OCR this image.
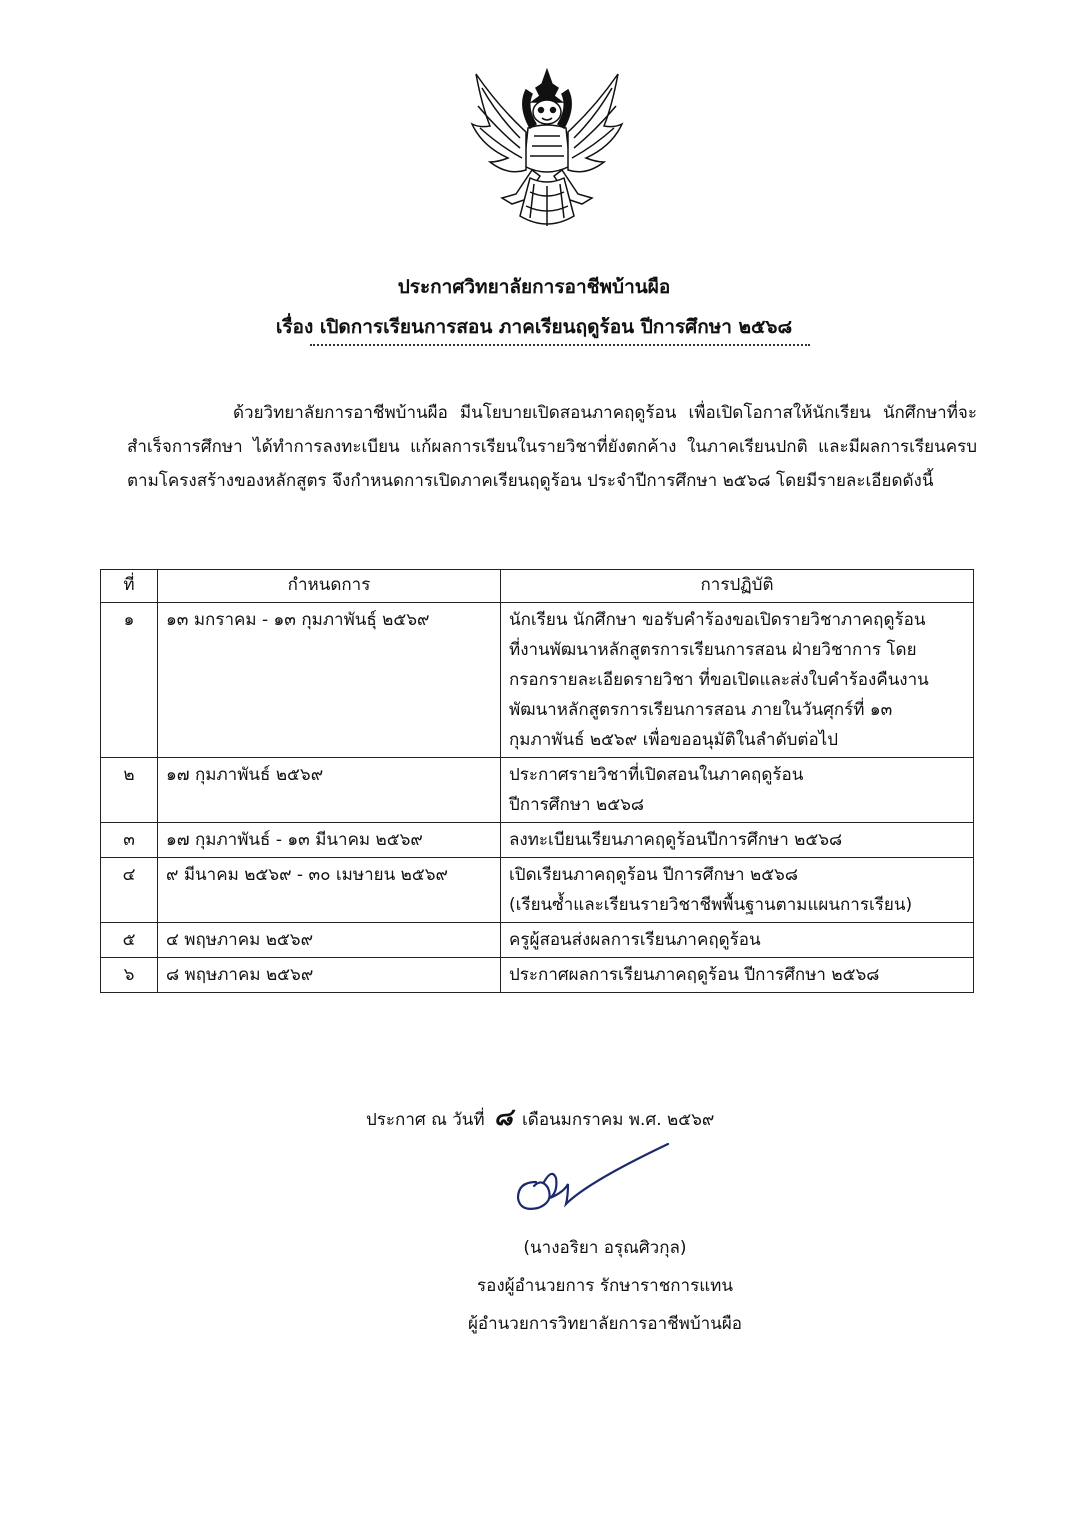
ประกาศวิทยาลัยการอาชีพบ้านผือ
เรื่อง เปิดการเรียนการสอน ภาคเรียนฤดูร้อน ปีการศึกษา ๒๕๖๘

ด้วยวิทยาลัยการอาชีพบ้านผือ มีนโยบายเปิดสอนภาคฤดูร้อน เพื่อเปิดโอกาสให้นักเรียน นักศึกษาที่จะสำเร็จการศึกษา ได้ทำการลงทะเบียน แก้ผลการเรียนในรายวิชาที่ยังตกค้าง ในภาคเรียนปกติ และมีผลการเรียนครบตามโครงสร้างของหลักสูตร จึงกำหนดการเปิดภาคเรียนฤดูร้อน ประจำปีการศึกษา ๒๕๖๘ โดยมีรายละเอียดดังนี้

ที่	กำหนดการ	การปฏิบัติ
๑	๑๓ มกราคม - ๑๓ กุมภาพันธุ์ ๒๕๖๙	นักเรียน นักศึกษา ขอรับคำร้องขอเปิดรายวิชาภาคฤดูร้อน
ที่งานพัฒนาหลักสูตรการเรียนการสอน ฝ่ายวิชาการ โดย
กรอกรายละเอียดรายวิชา ที่ขอเปิดและส่งใบคำร้องคืนงาน
พัฒนาหลักสูตรการเรียนการสอน ภายในวันศุกร์ที่ ๑๓
กุมภาพันธ์ ๒๕๖๙ เพื่อขออนุมัติในลำดับต่อไป

๒	๑๗ กุมภาพันธ์ ๒๕๖๙	ประกาศรายวิชาที่เปิดสอนในภาคฤดูร้อน
ปีการศึกษา ๒๕๖๘

๓	๑๗ กุมภาพันธ์ - ๑๓ มีนาคม ๒๕๖๙	ลงทะเบียนเรียนภาคฤดูร้อนปีการศึกษา ๒๕๖๘

๔	๙ มีนาคม ๒๕๖๙ - ๓๐ เมษายน ๒๕๖๙	เปิดเรียนภาคฤดูร้อน ปีการศึกษา ๒๕๖๘
(เรียนซ้ำและเรียนรายวิชาชีพพื้นฐานตามแผนการเรียน)

๕	๔ พฤษภาคม ๒๕๖๙	ครูผู้สอนส่งผลการเรียนภาคฤดูร้อน

๖	๘ พฤษภาคม ๒๕๖๙	ประกาศผลการเรียนภาคฤดูร้อน ปีการศึกษา ๒๕๖๘
ประกาศ ณ วันที่ ๘ เดือนมกราคม พ.ศ. ๒๕๖๙
(นางอริยา อรุณศิวกุล)
รองผู้อำนวยการ รักษาราชการแทน
ผู้อำนวยการวิทยาลัยการอาชีพบ้านผือ
